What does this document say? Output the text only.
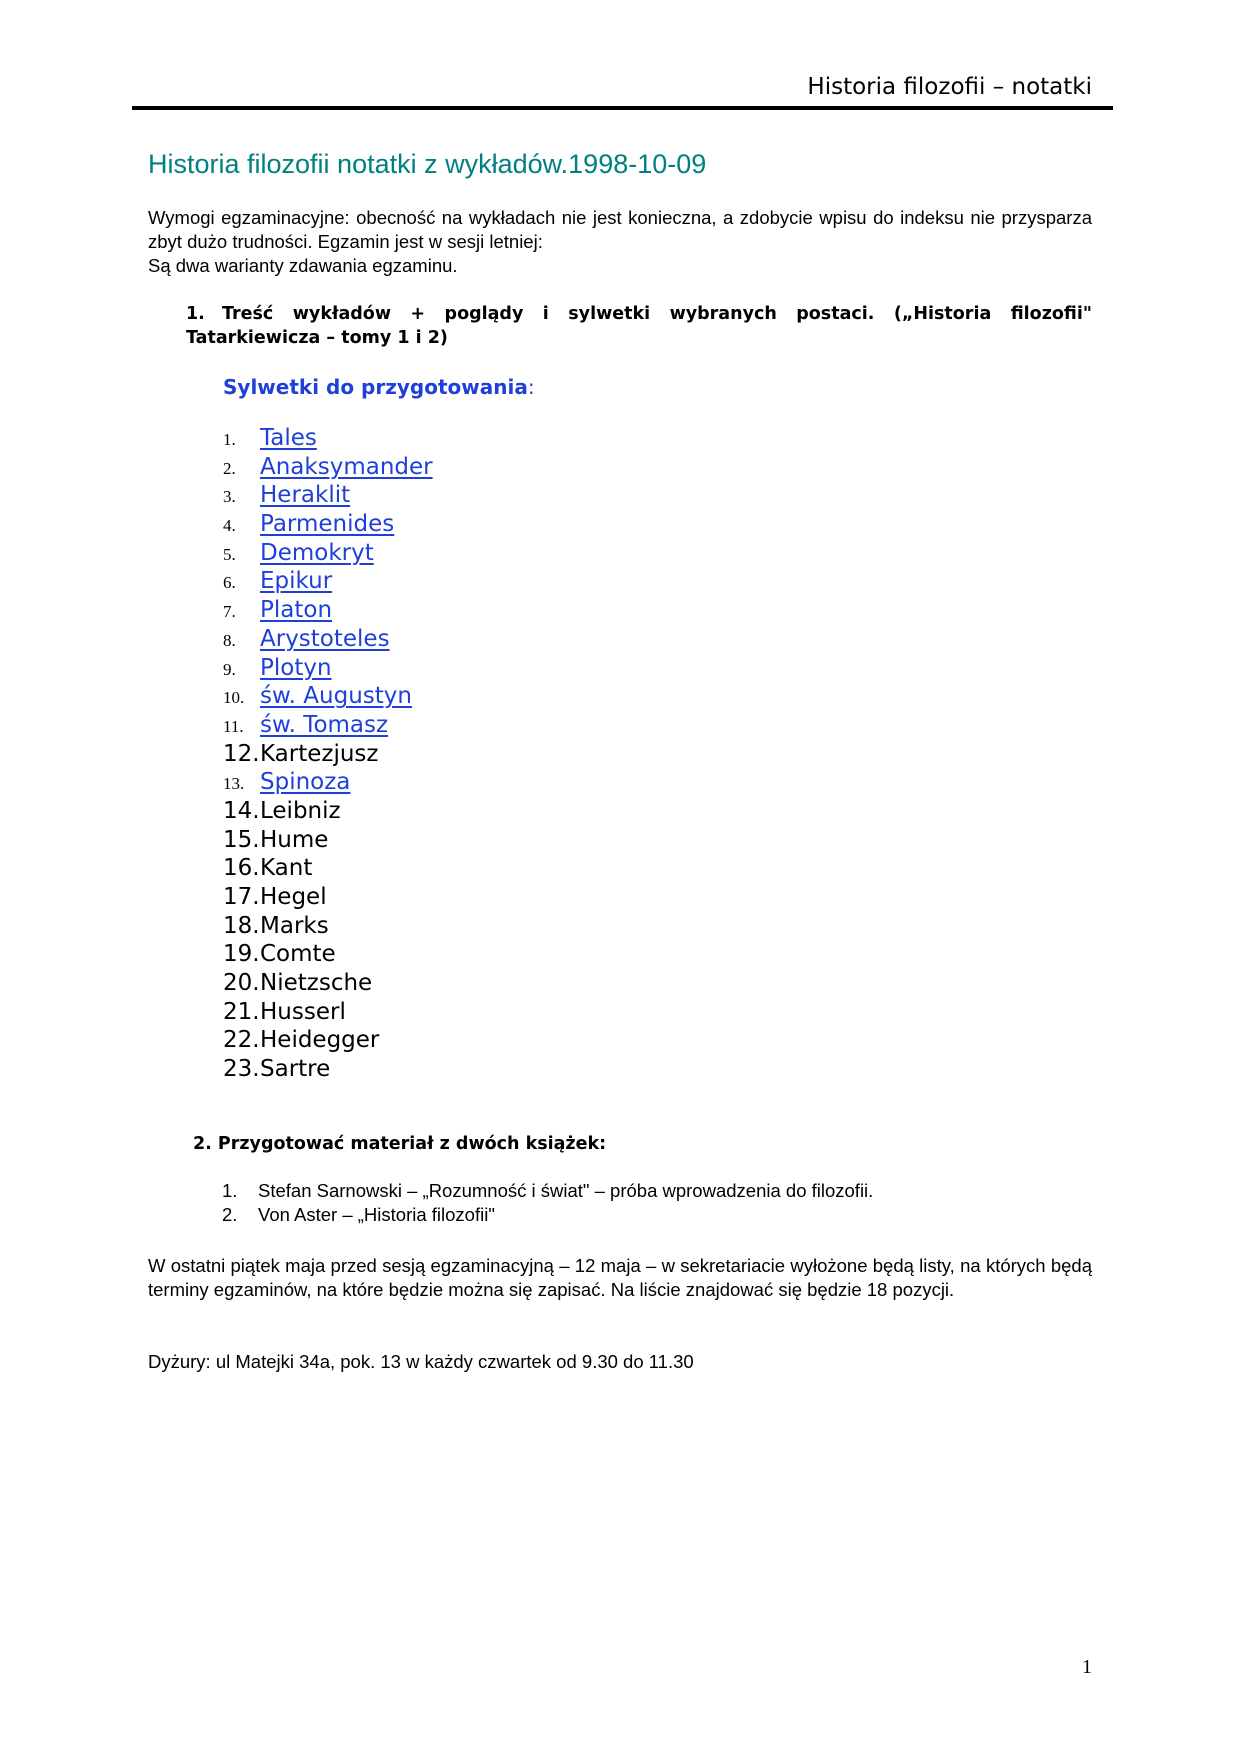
Historia filozofii – notatki
Historia filozofii notatki z wykładów.1998-10-09

Wymogi egzaminacyjne: obecność na wykładach nie jest konieczna, a zdobycie wpisu do indeksu nie przysparza zbyt dużo trudności. Egzamin jest w sesji letniej:

Są dwa warianty zdawania egzaminu.

1. Treść wykładów + poglądy i sylwetki wybranych postaci. („Historia filozofii" Tatarkiewicza – tomy 1 i 2)
Sylwetki do przygotowania:
1. Tales
2. Anaksymander
3. Heraklit
4. Parmenides
5. Demokryt
6. Epikur
7. Platon
8. Arystoteles
9. Plotyn
10. św. Augustyn
11. św. Tomasz
12.Kartezjusz
13. Spinoza
14.Leibniz
15.Hume
16.Kant
17.Hegel
18.Marks
19.Comte
20.Nietzsche
21.Husserl
22.Heidegger
23.Sartre
2. Przygotować materiał z dwóch książek:
1. Stefan Sarnowski – „Rozumność i świat" – próba wprowadzenia do filozofii.
2. Von Aster – „Historia filozofii"

W ostatni piątek maja przed sesją egzaminacyjną – 12 maja – w sekretariacie wyłożone będą listy, na których będą terminy egzaminów, na które będzie można się zapisać. Na liście znajdować się będzie 18 pozycji.

Dyżury: ul Matejki 34a, pok. 13 w każdy czwartek od 9.30 do 11.30

1
